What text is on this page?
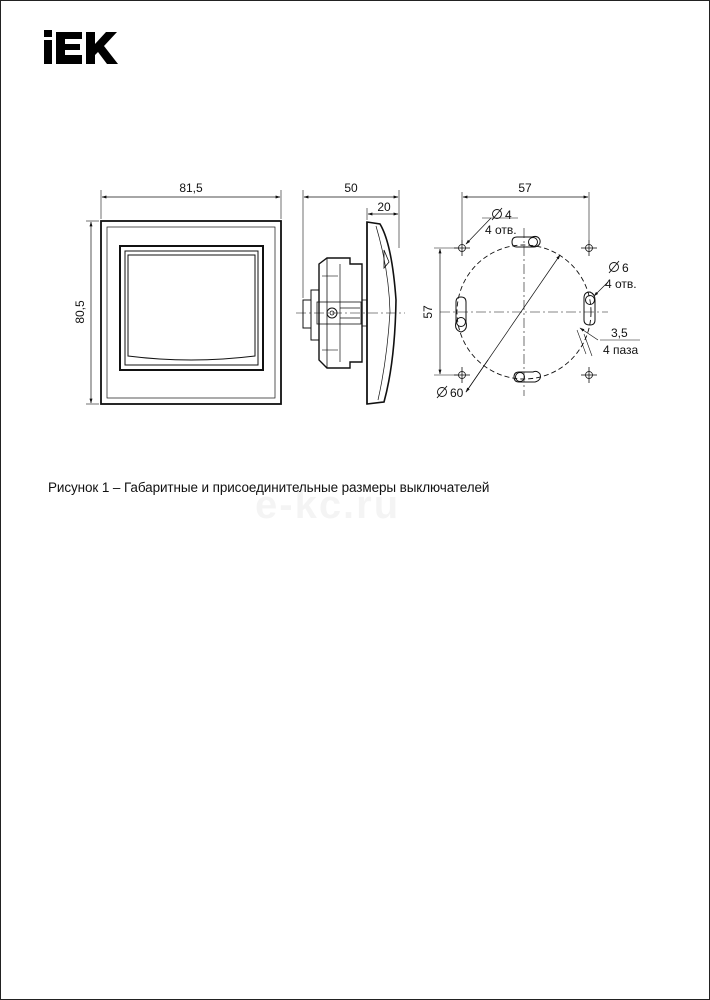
81,5
80,5
50
20
57
57
4
4 отв.
6
4 отв.
3,5
4 паза
60
Рисунок 1 – Габаритные и присоединительные размеры выключателей
